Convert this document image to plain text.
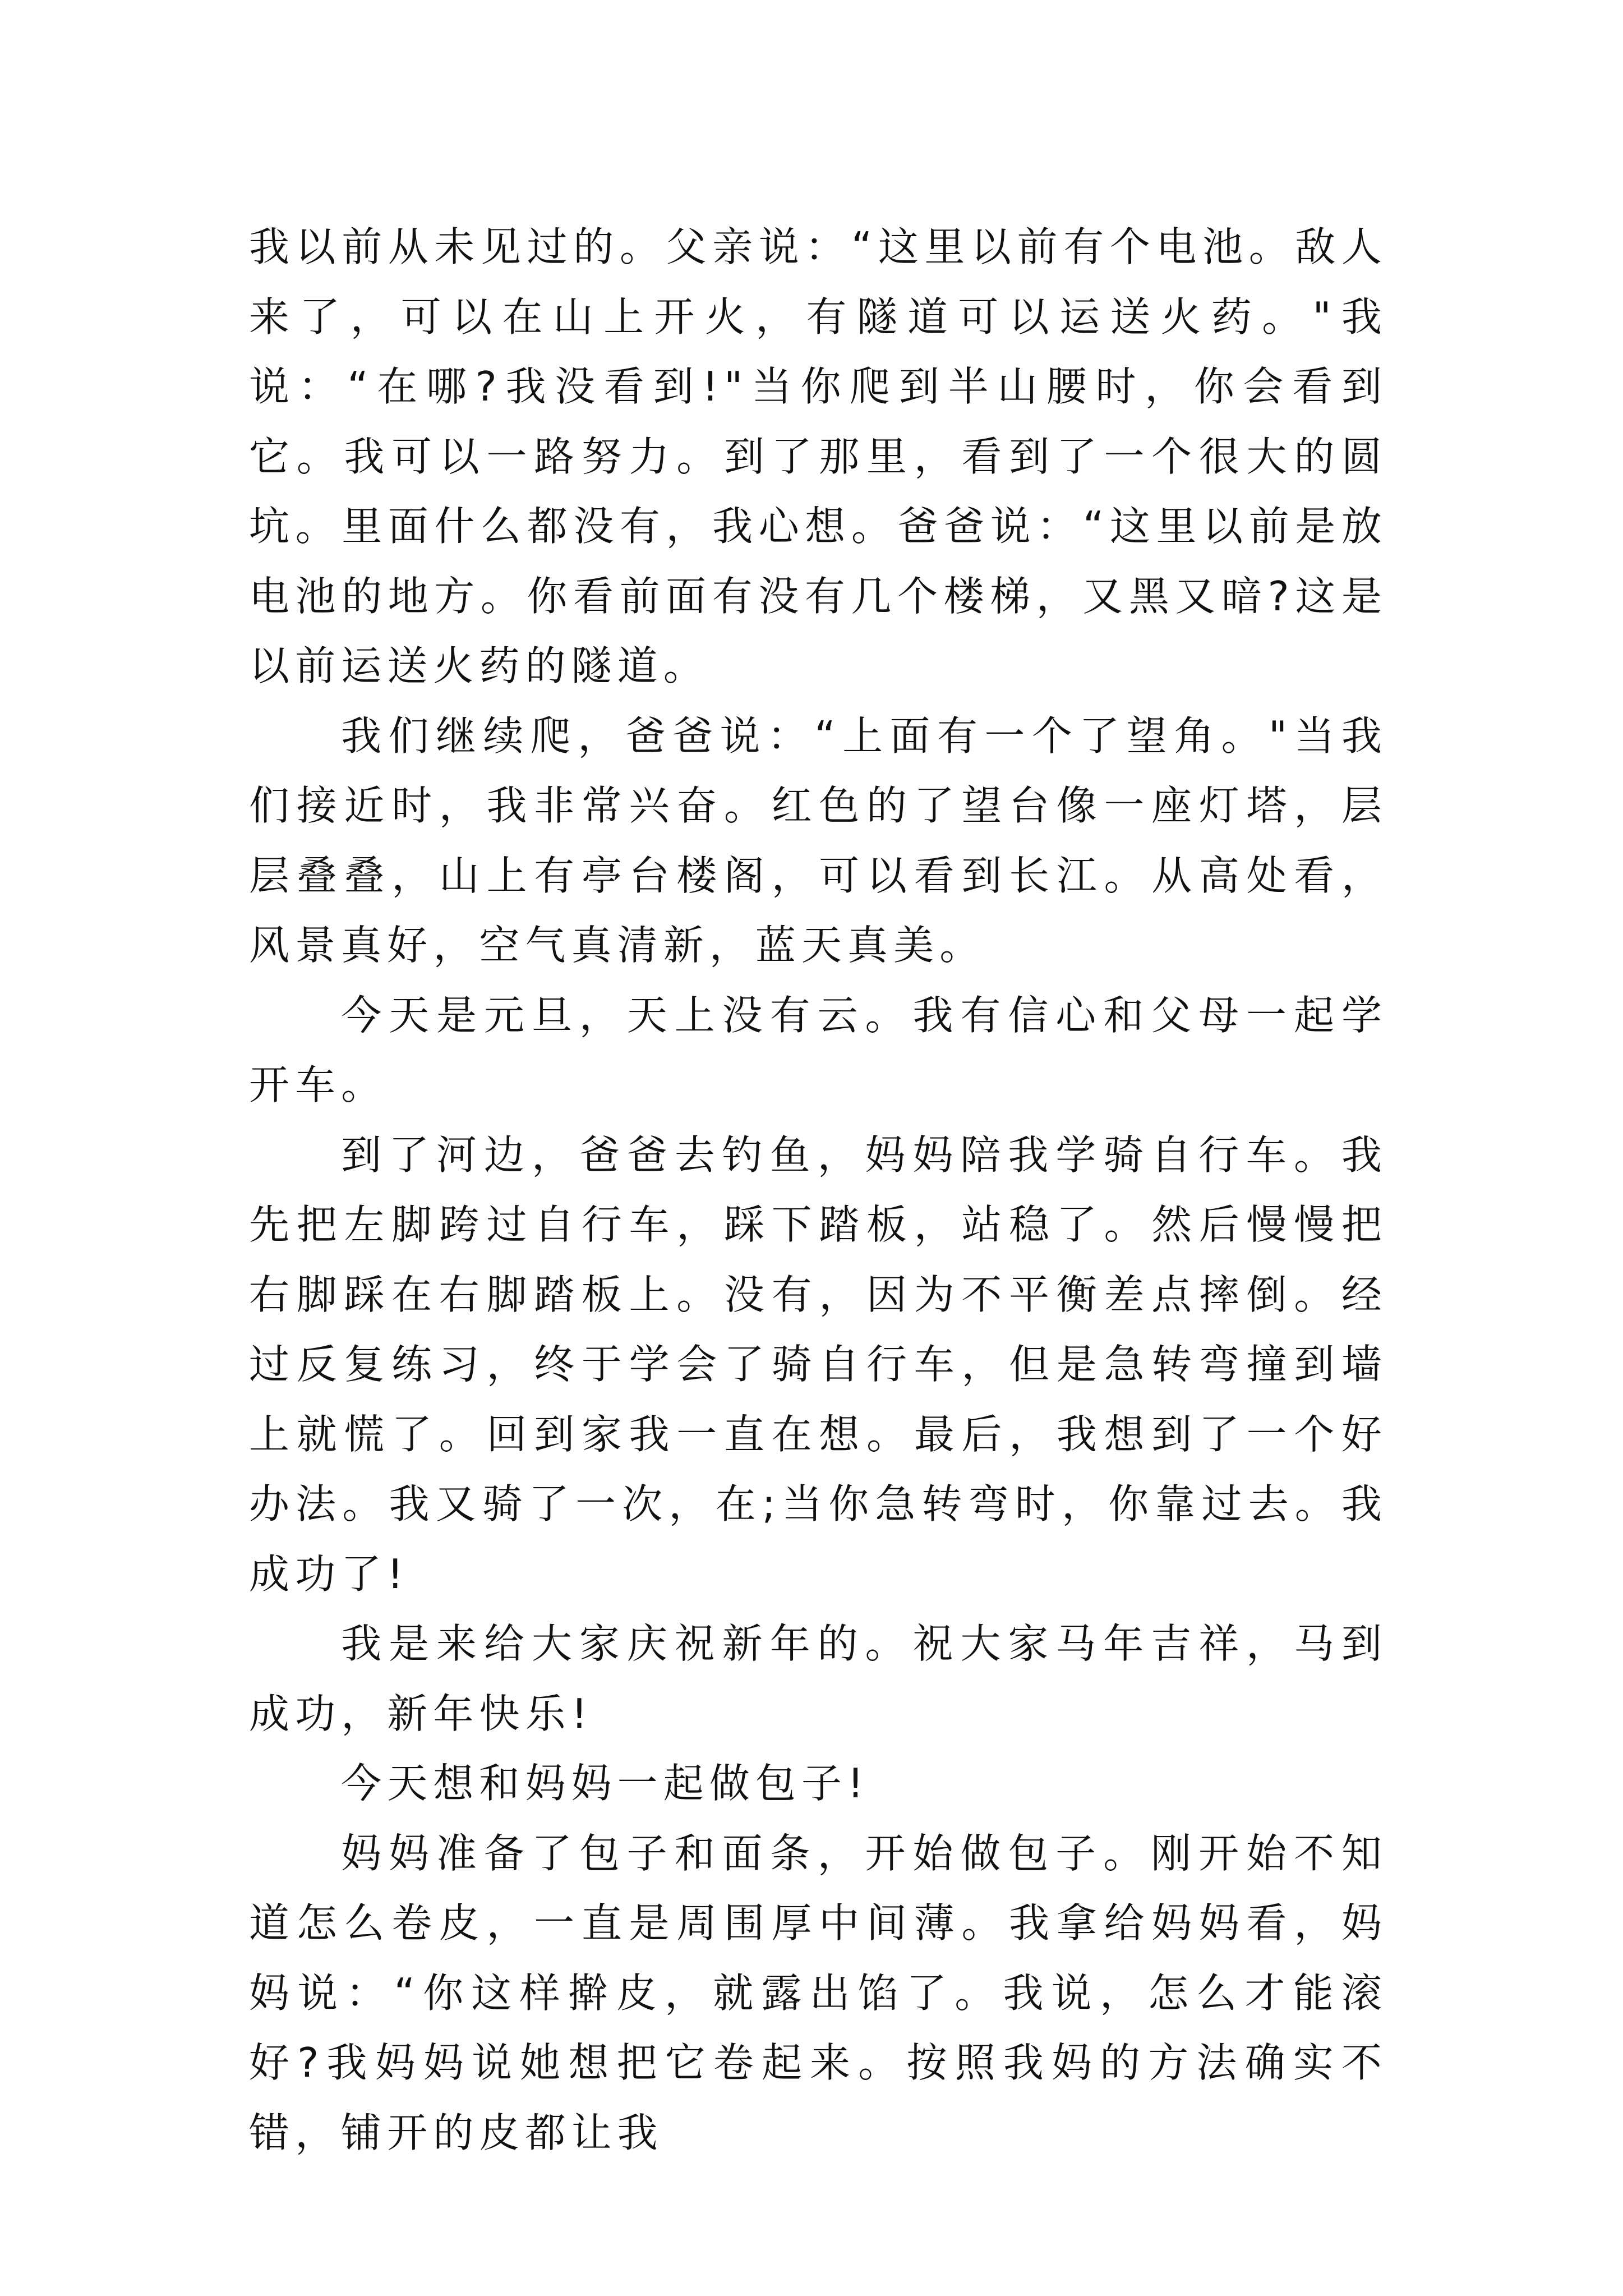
我以前从未见过的。父亲说：“这里以前有个电池。敌人来了，可以在山上开火，有隧道可以运送火药。"我说：“在哪?我没看到!"当你爬到半山腰时，你会看到它。我可以一路努力。到了那里，看到了一个很大的圆坑。里面什么都没有，我心想。爸爸说：“这里以前是放电池的地方。你看前面有没有几个楼梯，又黑又暗?这是以前运送火药的隧道。

我们继续爬，爸爸说：“上面有一个了望角。"当我们接近时，我非常兴奋。红色的了望台像一座灯塔，层层叠叠，山上有亭台楼阁，可以看到长江。从高处看，风景真好，空气真清新，蓝天真美。

今天是元旦，天上没有云。我有信心和父母一起学开车。

到了河边，爸爸去钓鱼，妈妈陪我学骑自行车。我先把左脚跨过自行车，踩下踏板，站稳了。然后慢慢把右脚踩在右脚踏板上。没有，因为不平衡差点摔倒。经过反复练习，终于学会了骑自行车，但是急转弯撞到墙上就慌了。回到家我一直在想。最后，我想到了一个好办法。我又骑了一次，在;当你急转弯时，你靠过去。我成功了!

我是来给大家庆祝新年的。祝大家马年吉祥，马到成功，新年快乐!

今天想和妈妈一起做包子!

妈妈准备了包子和面条，开始做包子。刚开始不知道怎么卷皮，一直是周围厚中间薄。我拿给妈妈看，妈妈说：“你这样擀皮，就露出馅了。我说，怎么才能滚好?我妈妈说她想把它卷起来。按照我妈的方法确实不错，铺开的皮都让我
